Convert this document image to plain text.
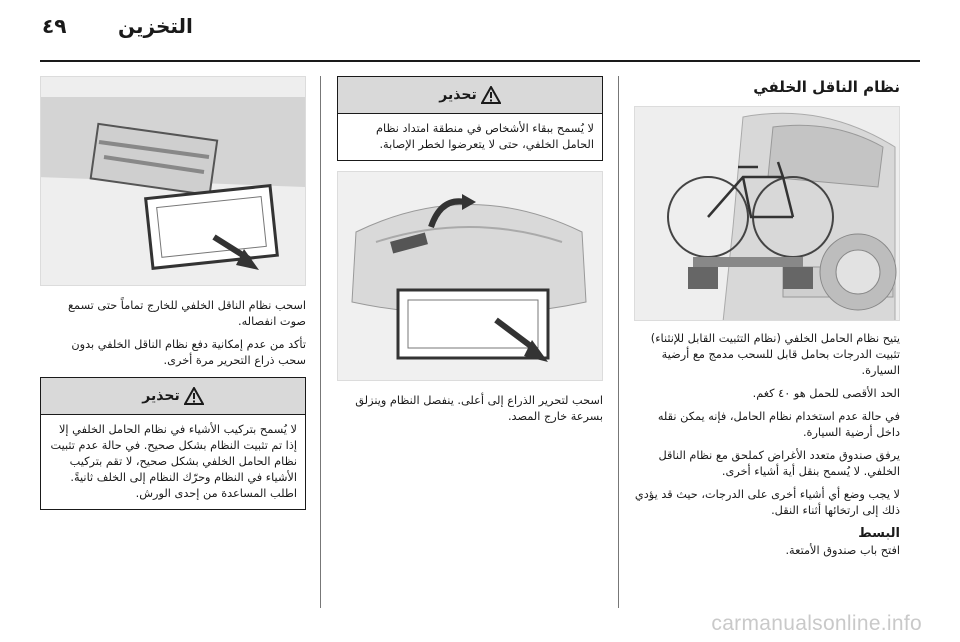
٤٩	التخزين
نظام الناقل الخلفي

يتيح نظام الحامل الخلفي (نظام التثبيت القابل للإنثناء) تثبيت الدرجات بحامل قابل للسحب مدمج مع أرضية السيارة.

الحد الأقصى للحمل هو ٤٠ كغم.

في حالة عدم استخدام نظام الحامل، فإنه يمكن نقله داخل أرضية السيارة.

يرفق صندوق متعدد الأغراض كملحق مع نظام الناقل الخلفي. لا يُسمح بنقل أية أشياء أخرى.

لا يجب وضع أي أشياء أخرى على الدرجات، حيث قد يؤدي ذلك إلى ارتخائها أثناء النقل.

البسط

افتح باب صندوق الأمتعة.

تحذير
لا يُسمح ببقاء الأشخاص في منطقة امتداد نظام الحامل الخلفي، حتى لا يتعرضوا لخطر الإصابة.

اسحب لتحرير الذراع إلى أعلى. ينفصل النظام وينزلق بسرعة خارج المصد.

اسحب نظام الناقل الخلفي للخارج تماماً حتى تسمع صوت انفصاله.

تأكد من عدم إمكانية دفع نظام الناقل الخلفي بدون سحب ذراع التحرير مرة أخرى.

تحذير
لا يُسمح بتركيب الأشياء في نظام الحامل الخلفي إلا إذا تم تثبيت النظام بشكل صحيح. في حالة عدم تثبيت نظام الحامل الخلفي بشكل صحيح، لا تقم بتركيب الأشياء في النظام وحرّك النظام إلى الخلف ثانيةً. اطلب المساعدة من إحدى الورش.
carmanualsonline.info
